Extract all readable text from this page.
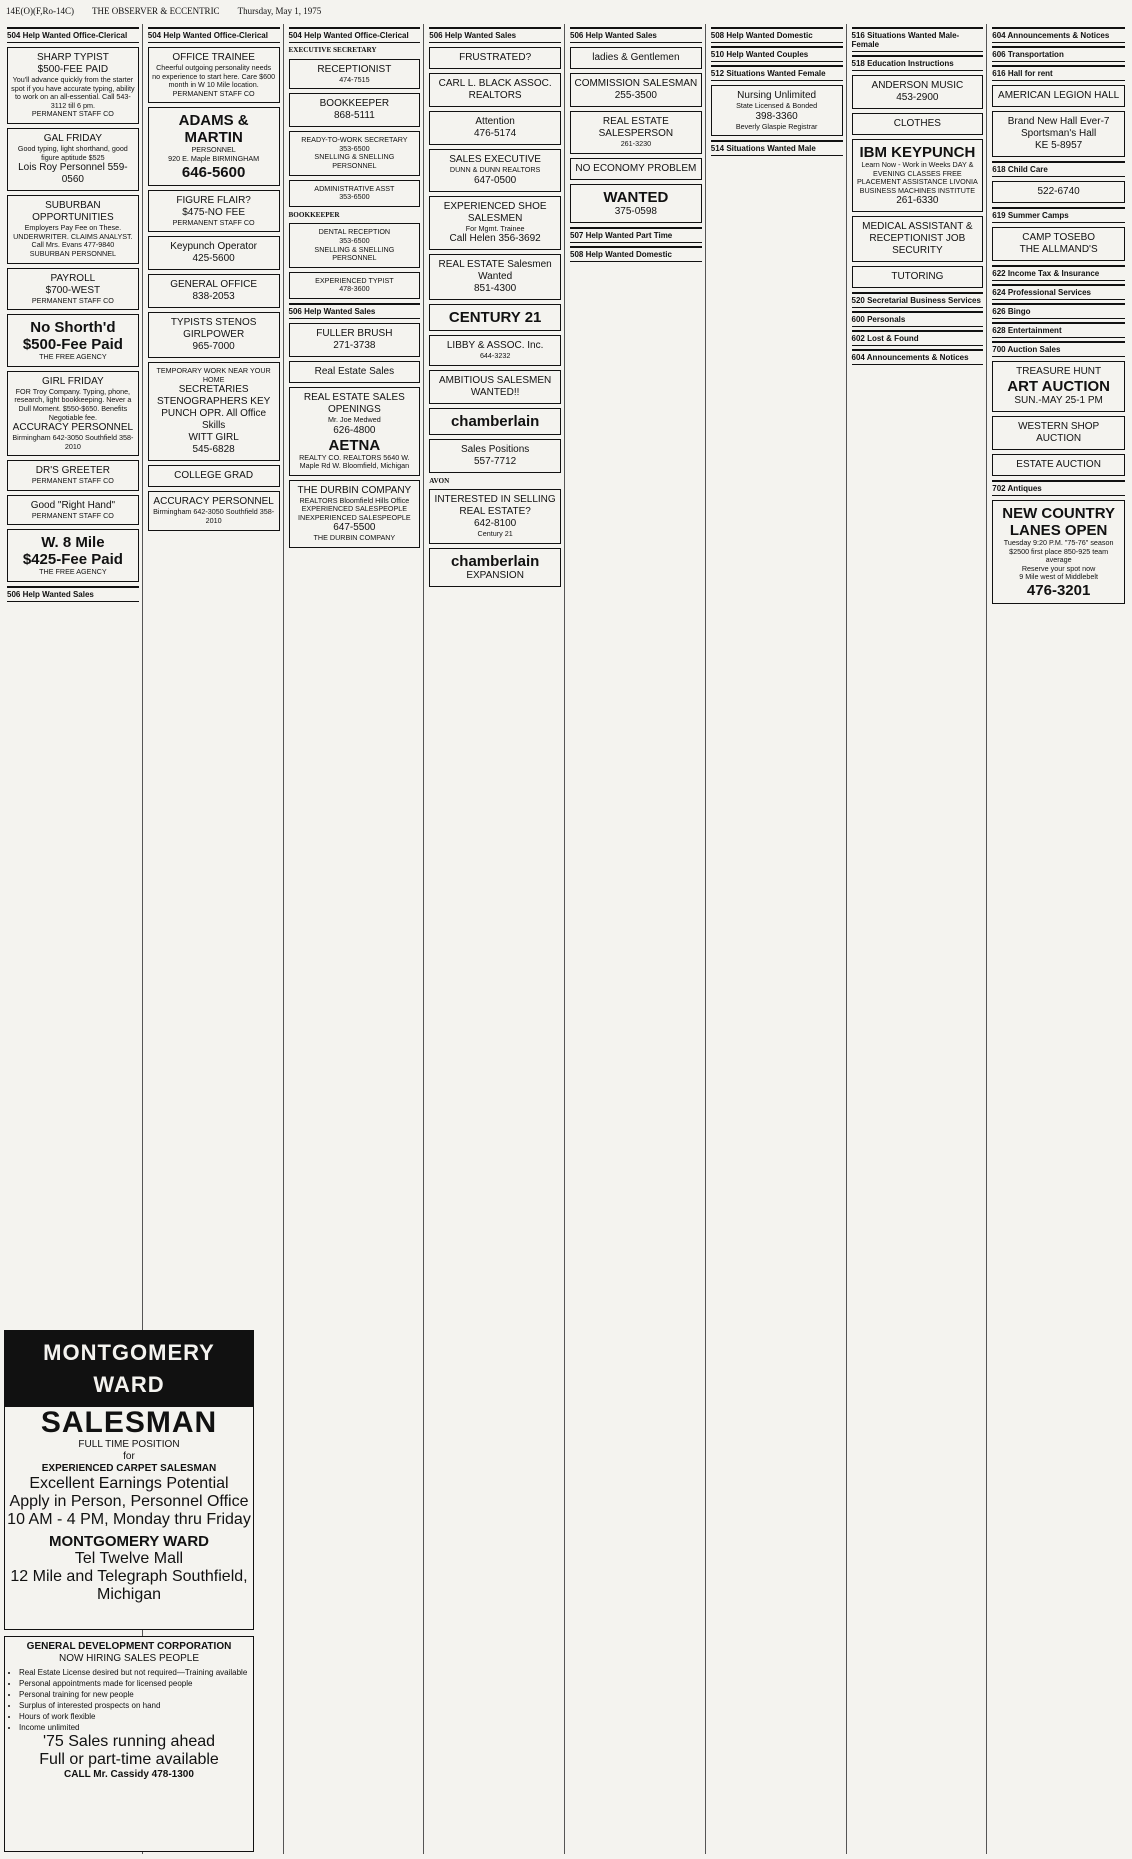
14E(O)(F,Ro-14C) THE OBSERVER & ECCENTRIC Thursday, May 1, 1975
504 Help Wanted Office-Clerical
SHARP TYPIST
$500-FEE PAID
You'll advance quickly from the starter spot if you have accurate typing, ability to work on an all-essential. Call 543-3112 till 6 pm.
PERMANENT STAFF CO
GAL FRIDAY
Good typing, light shorthand, good figure aptitude $525
Lois Roy Personnel 559-0560
SUBURBAN OPPORTUNITIES
Employers Pay Fee on These. UNDERWRITER. CLAIMS ANALYST. Call Mrs. Evans 477-9840
SUBURBAN PERSONNEL
PAYROLL
$700-WEST
PERMANENT STAFF CO
No Shorth'd
$500-Fee Paid
THE FREE AGENCY
GIRL FRIDAY
FOR Troy Company. Typing, phone, research, light bookkeeping. Never a Dull Moment. $550-$650. Benefits Negotiable fee.
ACCURACY PERSONNEL
Birmingham 642-3050 Southfield 358-2010
DR'S GREETER
PERMANENT STAFF CO
Good "Right Hand"
PERMANENT STAFF CO
W. 8 Mile
$425-Fee Paid
THE FREE AGENCY
506 Help Wanted Sales
504 Help Wanted Office-Clerical
OFFICE TRAINEE
Cheerful outgoing personality needs no experience to start here. Care $600 month in W 10 Mile location.
PERMANENT STAFF CO
ADAMS & MARTIN
PERSONNEL
920 E. Maple BIRMINGHAM
646-5600
FIGURE FLAIR?
$475-NO FEE
PERMANENT STAFF CO
Keypunch Operator
425-5600
GENERAL OFFICE
838-2053
TYPISTS STENOS
GIRLPOWER
965-7000
TEMPORARY WORK NEAR YOUR HOME
SECRETARIES STENOGRAPHERS KEY PUNCH OPR. All Office Skills
WITT GIRL
545-6828
COLLEGE GRAD
ACCURACY PERSONNEL
Birmingham 642-3050 Southfield 358-2010
504 Help Wanted Office-Clerical
EXECUTIVE SECRETARY
RECEPTIONIST
474-7515
BOOKKEEPER
868-5111
READY-TO-WORK SECRETARY
353-6500
SNELLING & SNELLING PERSONNEL
ADMINISTRATIVE ASST
353-6500
BOOKKEEPER
DENTAL RECEPTION
353-6500
SNELLING & SNELLING PERSONNEL
EXPERIENCED TYPIST
478-3600
506 Help Wanted Sales
FULLER BRUSH
271-3738
Real Estate Sales
REAL ESTATE SALES OPENINGS
Mr. Joe Medwed
626-4800
AETNA
REALTY CO. REALTORS 5640 W. Maple Rd W. Bloomfield, Michigan
THE DURBIN COMPANY
REALTORS Bloomfield Hills Office
EXPERIENCED SALESPEOPLE
INEXPERIENCED SALESPEOPLE
647-5500
THE DURBIN COMPANY
506 Help Wanted Sales
FRUSTRATED?
CARL L. BLACK ASSOC. REALTORS
Attention
476-5174
SALES EXECUTIVE
DUNN & DUNN REALTORS
647-0500
EXPERIENCED SHOE SALESMEN
For Mgmt. Trainee
Call Helen 356-3692
REAL ESTATE Salesmen Wanted
851-4300
CENTURY 21
LIBBY & ASSOC. Inc.
644-3232
AMBITIOUS SALESMEN WANTED!!
chamberlain
Sales Positions
557-7712
AVON
INTERESTED IN SELLING REAL ESTATE?
642-8100
Century 21
chamberlain
EXPANSION
506 Help Wanted Sales
ladies & Gentlemen
COMMISSION SALESMAN
255-3500
REAL ESTATE SALESPERSON
261-3230
NO ECONOMY PROBLEM
WANTED
375-0598
507 Help Wanted Part Time
508 Help Wanted Domestic
508 Help Wanted Domestic
510 Help Wanted Couples
512 Situations Wanted Female
Nursing Unlimited
State Licensed & Bonded
398-3360
Beverly Glaspie Registrar
514 Situations Wanted Male
516 Situations Wanted Male-Female
518 Education Instructions
ANDERSON MUSIC
453-2900
CLOTHES
IBM KEYPUNCH
Learn Now - Work in Weeks DAY & EVENING CLASSES FREE PLACEMENT ASSISTANCE LIVONIA BUSINESS MACHINES INSTITUTE
261-6330
MEDICAL ASSISTANT & RECEPTIONIST JOB SECURITY
TUTORING
520 Secretarial Business Services
600 Personals
602 Lost & Found
604 Announcements & Notices
604 Announcements & Notices
606 Transportation
616 Hall for rent
AMERICAN LEGION HALL
Brand New Hall Ever-7 Sportsman's Hall
KE 5-8957
618 Child Care
522-6740
619 Summer Camps
CAMP TOSEBO
THE ALLMAND'S
622 Income Tax & Insurance
624 Professional Services
626 Bingo
628 Entertainment
700 Auction Sales
TREASURE HUNT
ART AUCTION
SUN.-MAY 25-1 PM
WESTERN SHOP AUCTION
ESTATE AUCTION
702 Antiques
NEW COUNTRY LANES OPEN
Tuesday 9:20 P.M. "75-76" season
$2500 first place 850-925 team average
Reserve your spot now
9 Mile west of Middlebelt
476-3201
MONTGOMERY WARD
SALESMAN
FULL TIME POSITION
for
EXPERIENCED CARPET SALESMAN
Excellent Earnings Potential
Apply in Person, Personnel Office
10 AM - 4 PM, Monday thru Friday
MONTGOMERY WARD
Tel Twelve Mall
12 Mile and Telegraph Southfield, Michigan
GENERAL DEVELOPMENT CORPORATION
NOW HIRING SALES PEOPLE
• Real Estate License desired but not required—Training available
• Personal appointments made for licensed people
• Personal training for new people
• Surplus of interested prospects on hand
• Hours of work flexible
• Income unlimited
'75 Sales running ahead
Full or part-time available
CALL Mr. Cassidy 478-1300
